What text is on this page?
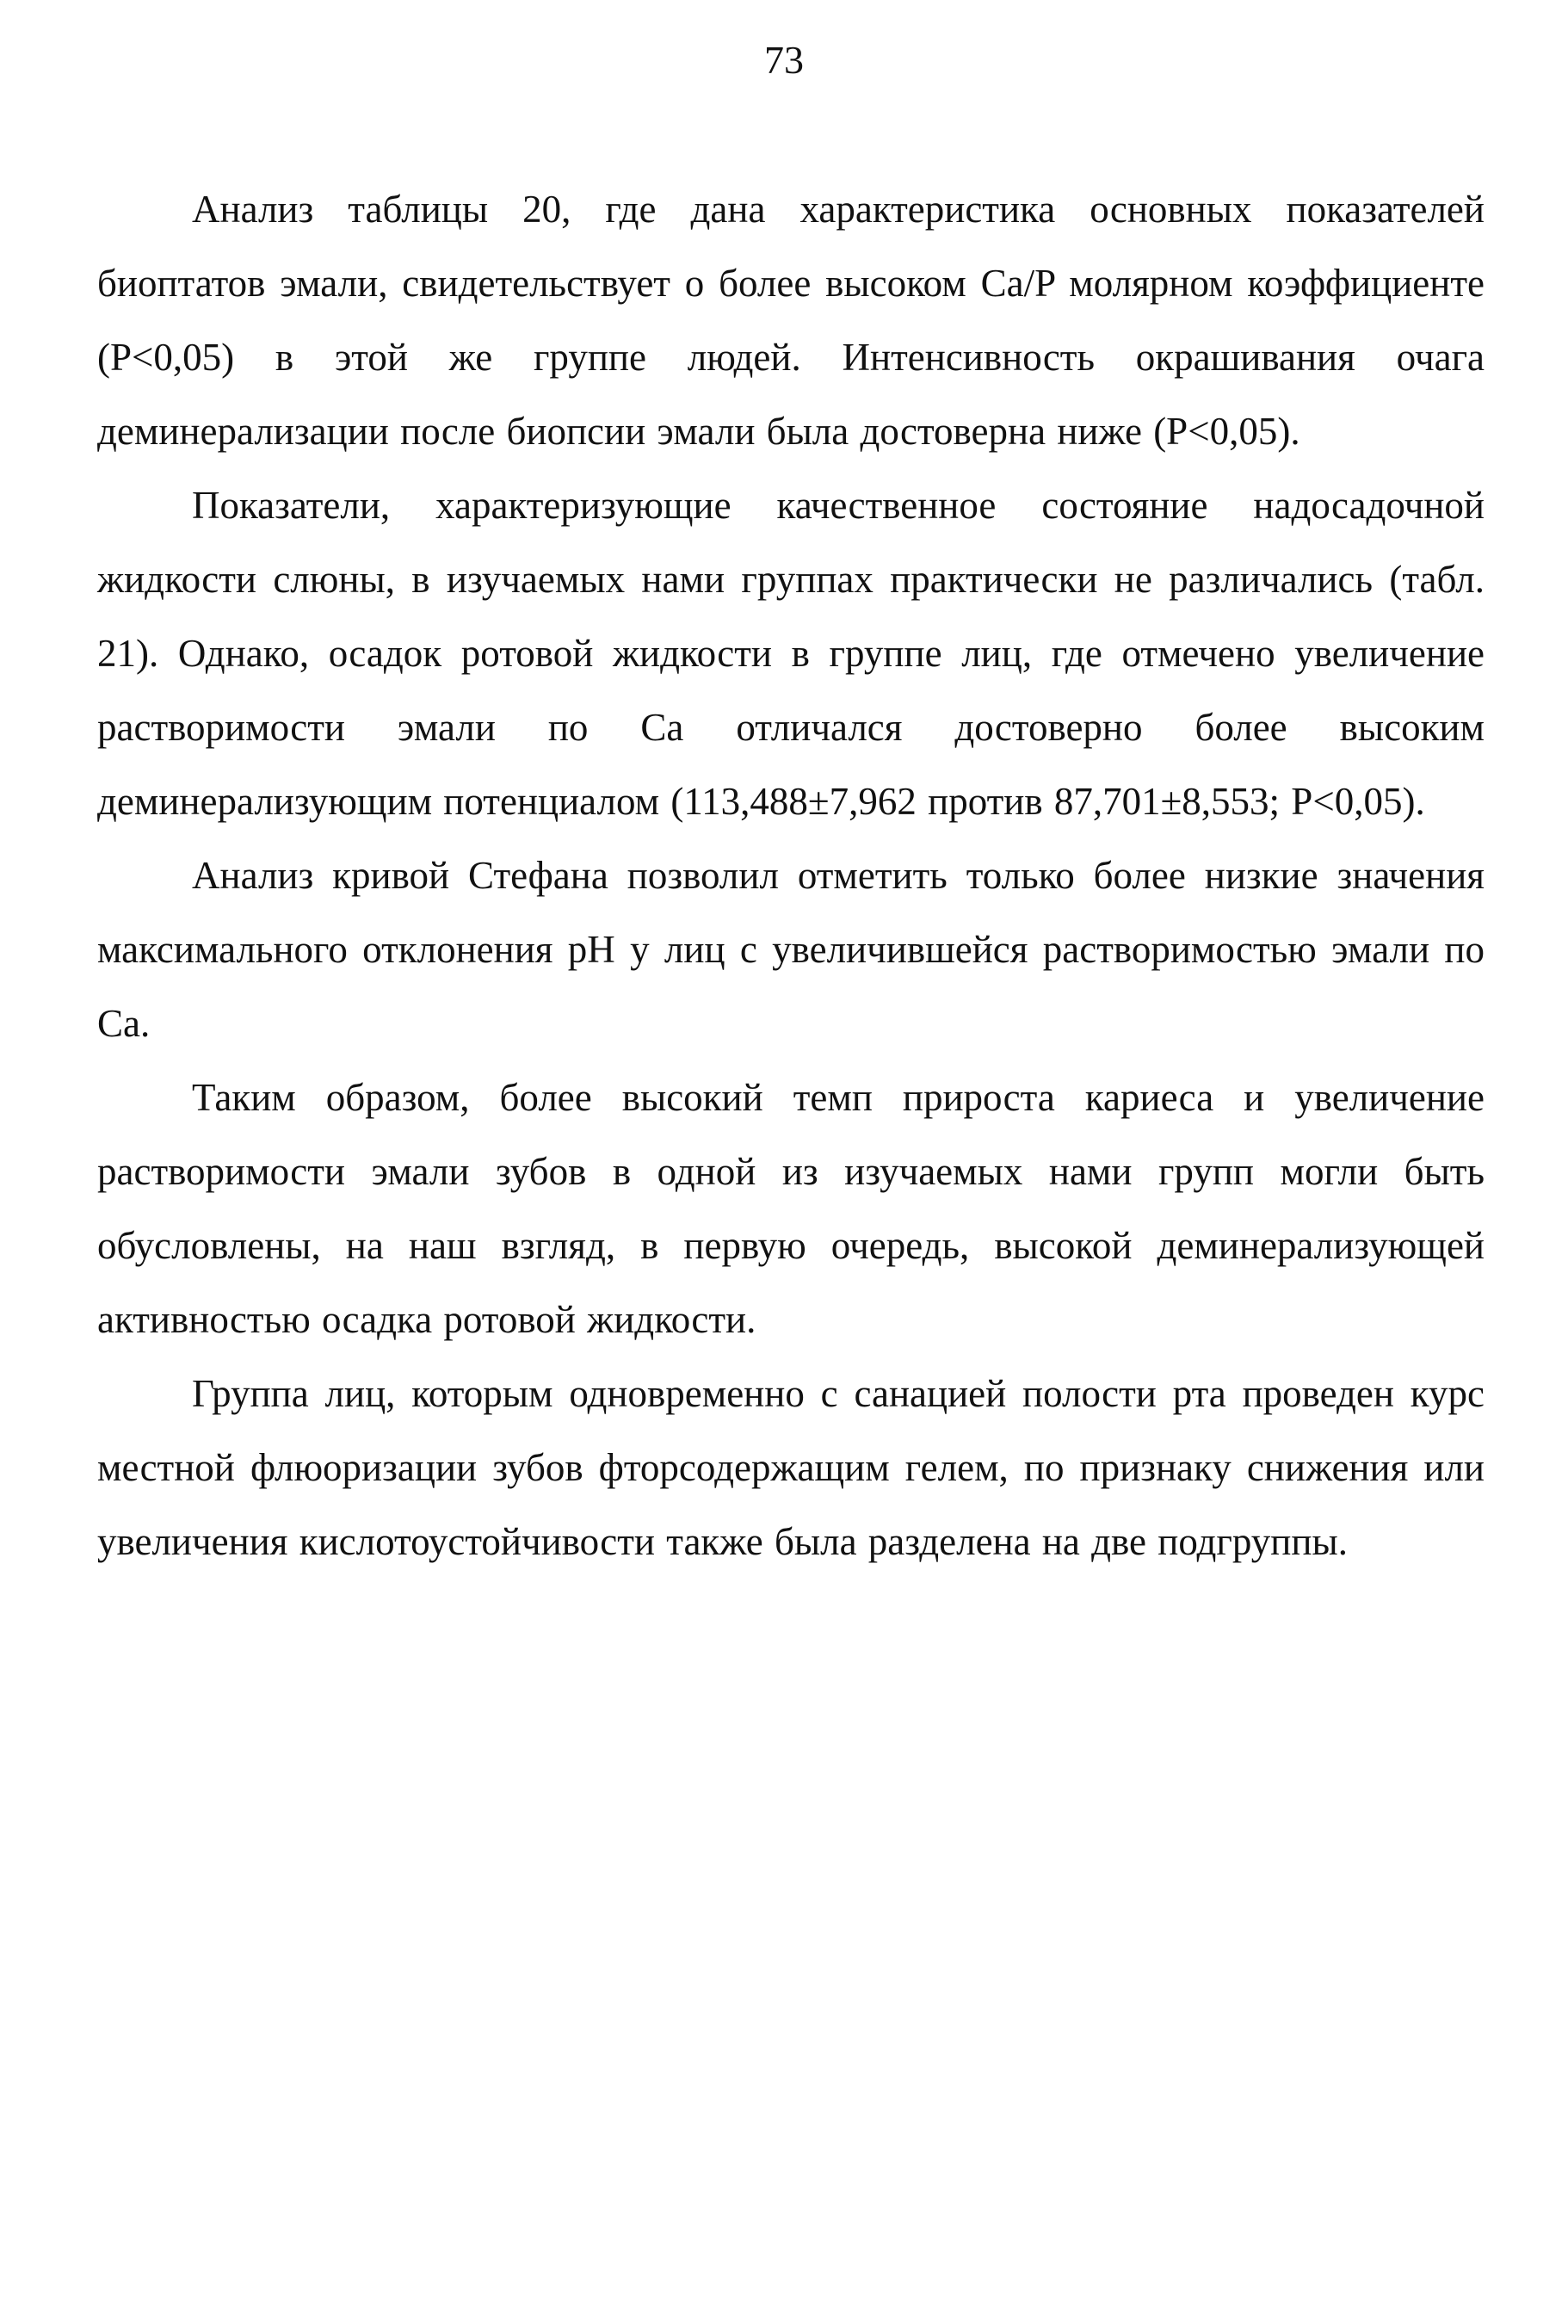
73

Анализ таблицы 20, где дана характеристика основных показателей биоптатов эмали, свидетельствует о более высоком Ca/P молярном коэффициенте (P<0,05) в этой же группе людей. Интенсивность окрашивания очага деминерализации после биопсии эмали была достоверна ниже (P<0,05).

Показатели, характеризующие качественное состояние надосадочной жидкости слюны, в изучаемых нами группах практически не различались (табл. 21). Однако, осадок ротовой жидкости в группе лиц, где отмечено увеличение растворимости эмали по Са отличался достоверно более высоким деминерализующим потенциалом (113,488±7,962 против 87,701±8,553; P<0,05).

Анализ кривой Стефана позволил отметить только более низкие значения максимального отклонения pH у лиц с увеличившейся растворимостью эмали по Са.

Таким образом, более высокий темп прироста кариеса и увеличение растворимости эмали зубов в одной из изучаемых нами групп могли быть обусловлены, на наш взгляд, в первую очередь, высокой деминерализующей активностью осадка ротовой жидкости.

Группа лиц, которым одновременно с санацией полости рта проведен курс местной флюоризации зубов фторсодержащим гелем, по признаку снижения или увеличения кислотоустойчивости также была разделена на две подгруппы.
